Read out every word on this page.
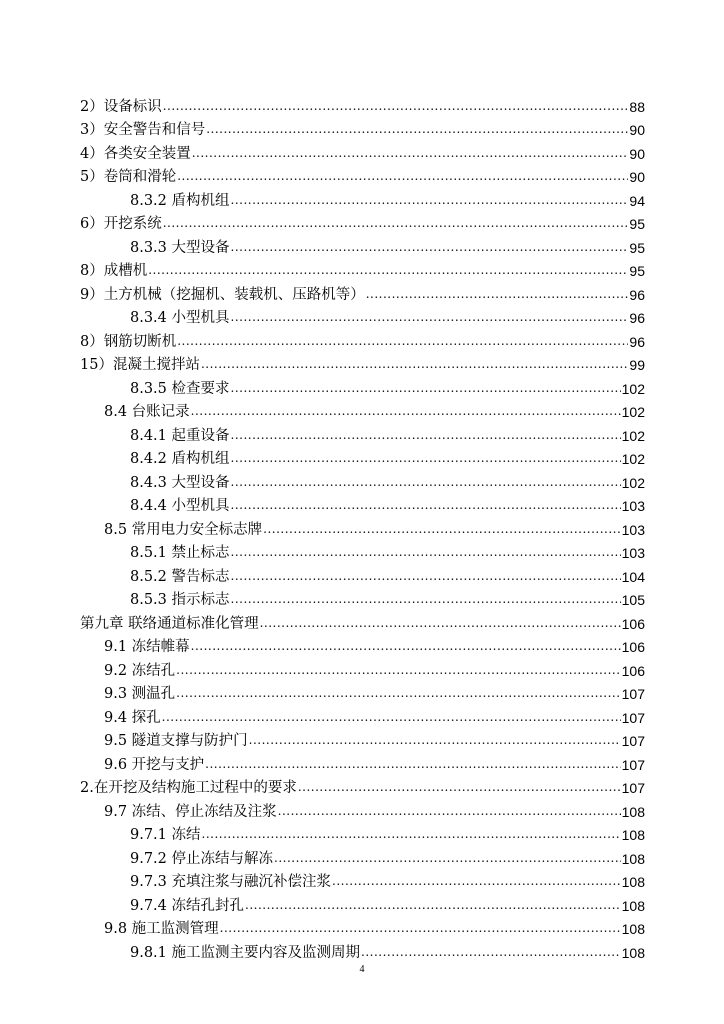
2）设备标识 .....	88
3）安全警告和信号 .....	90
4）各类安全装置 .....	90
5）卷筒和滑轮 .....	90
8.3.2 盾构机组 .....	94
6）开挖系统 .....	95
8.3.3 大型设备 .....	95
8）成槽机 .....	95
9）土方机械（挖掘机、装载机、压路机等） .....	96
8.3.4 小型机具 .....	96
8）钢筋切断机 .....	96
15）混凝土搅拌站 .....	99
8.3.5 检查要求 .....	102
8.4 台账记录 .....	102
8.4.1 起重设备 .....	102
8.4.2 盾构机组 .....	102
8.4.3 大型设备 .....	102
8.4.4 小型机具 .....	103
8.5 常用电力安全标志牌 .....	103
8.5.1 禁止标志 .....	103
8.5.2 警告标志 .....	104
8.5.3 指示标志 .....	105
第九章 联络通道标准化管理 .....	106
9.1 冻结帷幕 .....	106
9.2 冻结孔 .....	106
9.3 测温孔 .....	107
9.4 探孔 .....	107
9.5 隧道支撑与防护门 .....	107
9.6 开挖与支护 .....	107
2.在开挖及结构施工过程中的要求 .....	107
9.7 冻结、停止冻结及注浆 .....	108
9.7.1 冻结 .....	108
9.7.2 停止冻结与解冻 .....	108
9.7.3 充填注浆与融沉补偿注浆 .....	108
9.7.4 冻结孔封孔 .....	108
9.8 施工监测管理 .....	108
9.8.1 施工监测主要内容及监测周期 .....	108
4
